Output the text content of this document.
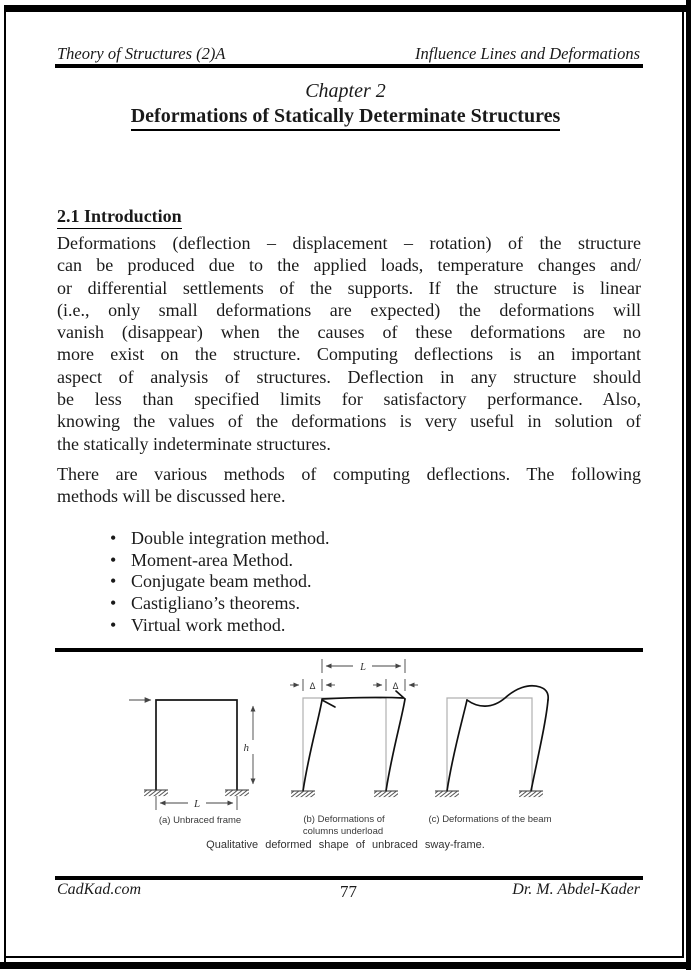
Theory of Structures (2)A	Influence Lines and Deformations
Chapter 2
Deformations of Statically Determinate Structures
2.1 Introduction
Deformations (deflection – displacement – rotation) of the structure
can be produced due to the applied loads, temperature changes and/
or differential settlements of the supports. If the structure is linear
(i.e., only small deformations are expected) the deformations will
vanish (disappear) when the causes of these deformations are no
more exist on the structure. Computing deflections is an important
aspect of analysis of structures. Deflection in any structure should
be less than specified limits for satisfactory performance. Also,
knowing the values of the deformations is very useful in solution of
the statically indeterminate structures.
There are various methods of computing deflections. The following
methods will be discussed here.
• Double integration method.
• Moment-area Method.
• Conjugate beam method.
• Castigliano’s theorems.
• Virtual work method.
h
L
(a) Unbraced frame
L
Δ	Δ
(b) Deformations of
columns underload
(c) Deformations of the beam
Qualitative deformed shape of unbraced sway-frame.
CadKad.com	77	Dr. M. Abdel-Kader
